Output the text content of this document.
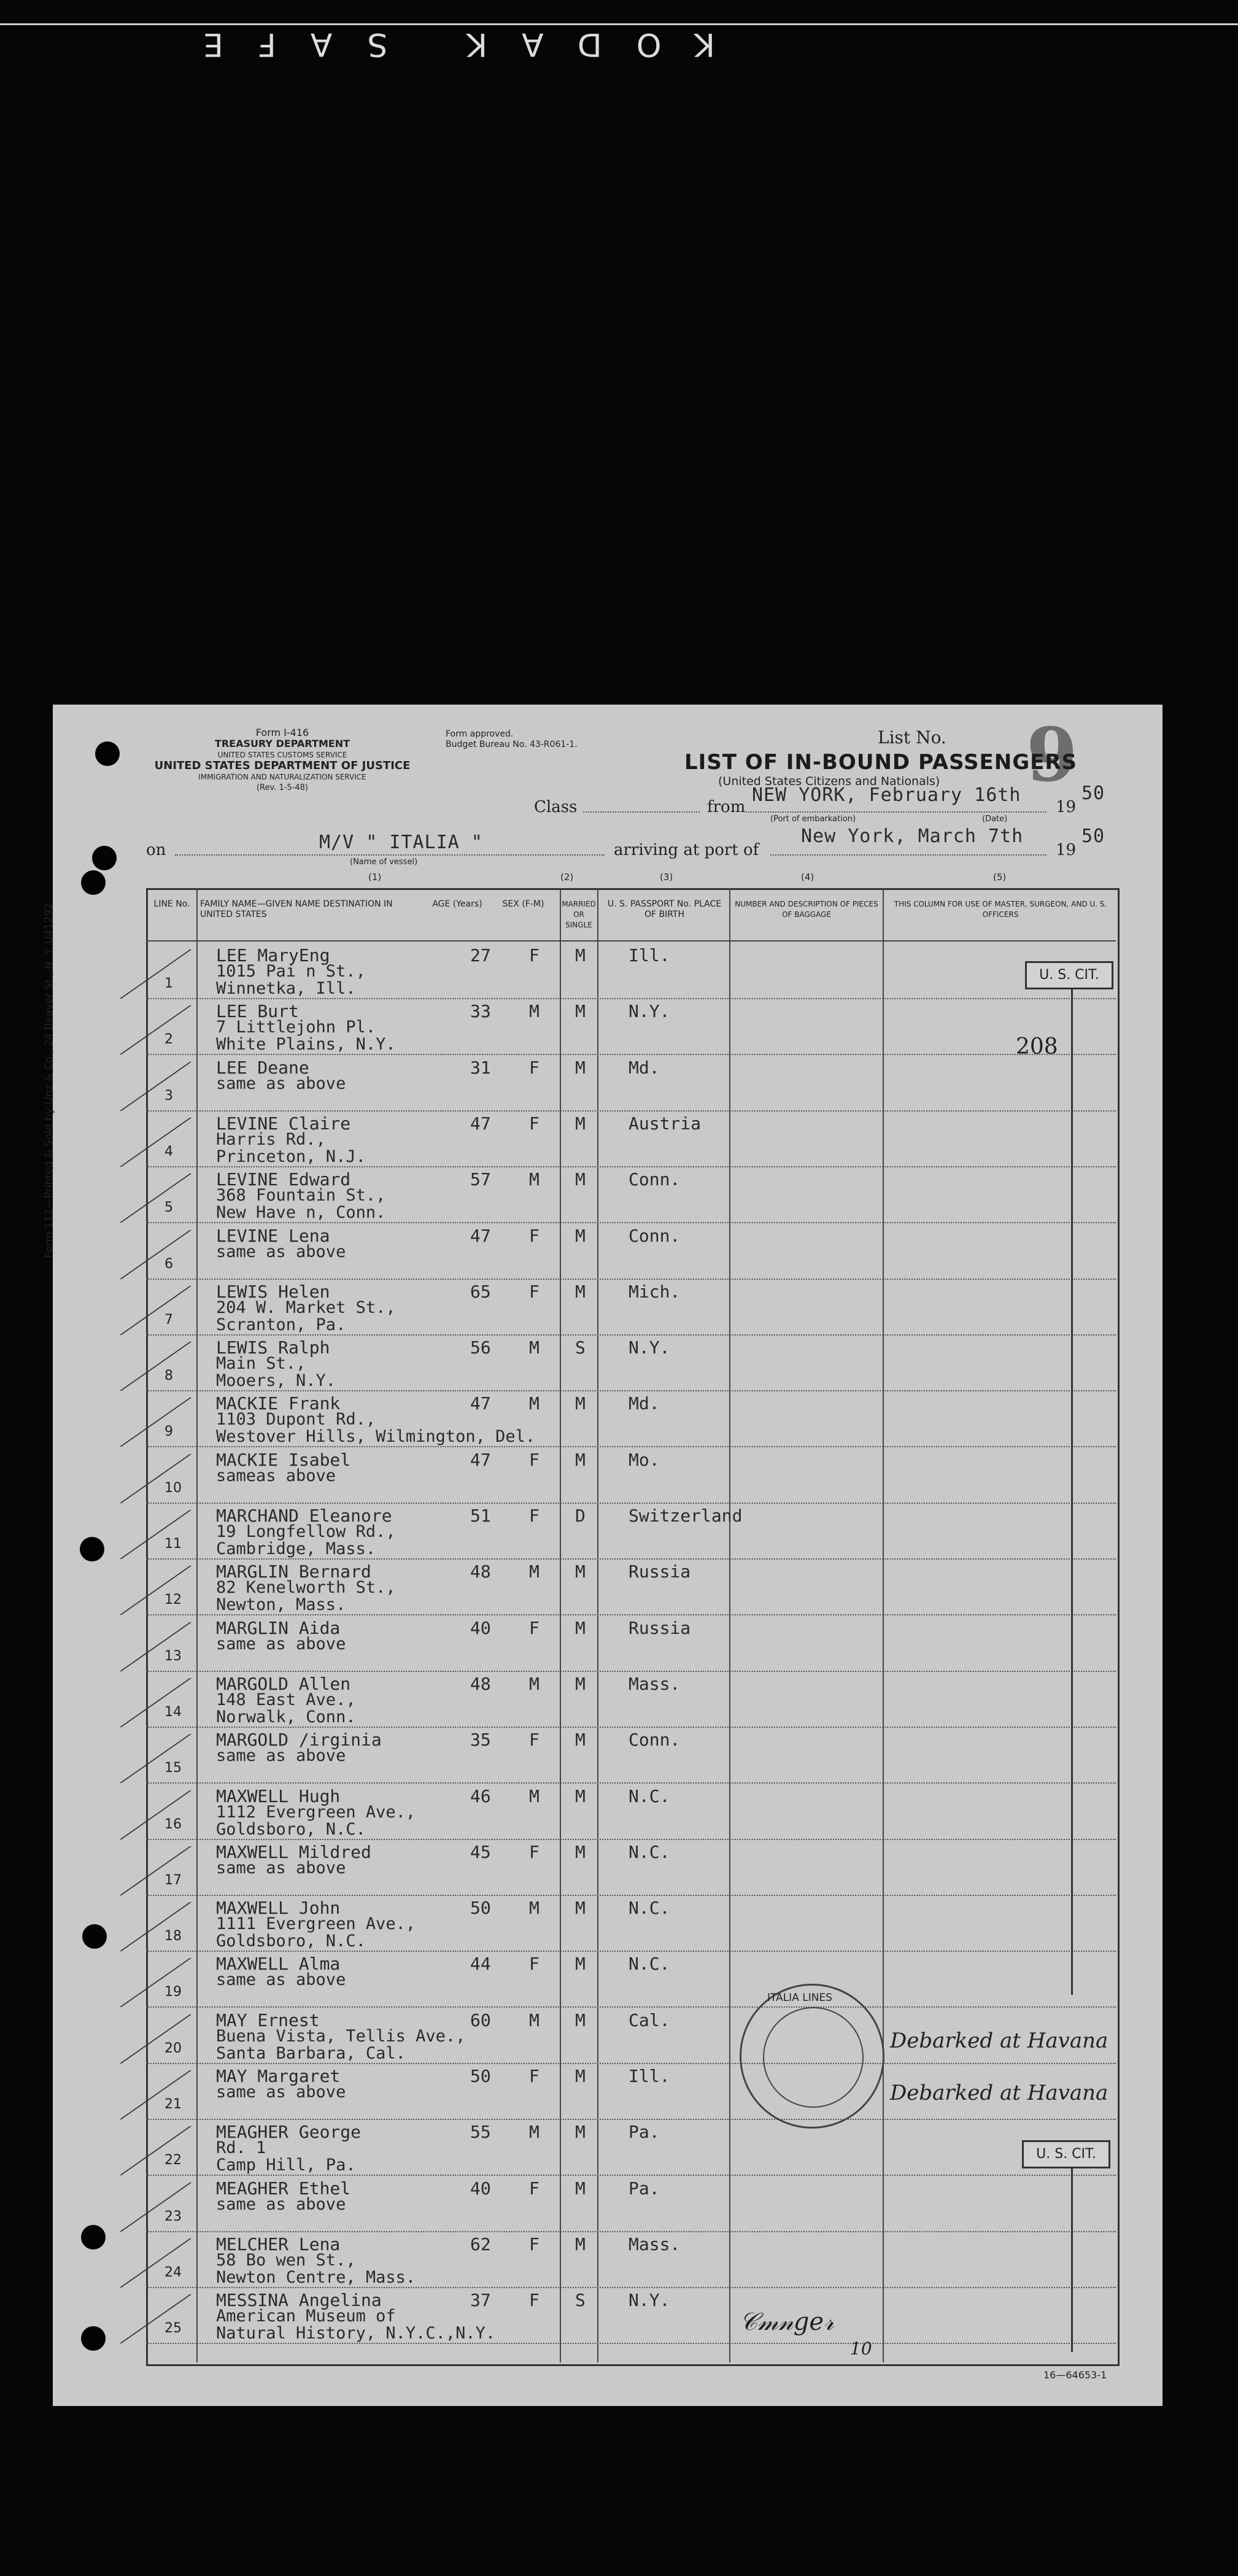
KODAK SAFE
Form 112—Printed & Sold by Unz & Co., 24 Beaver St., N. Y. U41292
Form I-416
TREASURY DEPARTMENT
UNITED STATES CUSTOMS SERVICE
UNITED STATES DEPARTMENT OF JUSTICE
IMMIGRATION AND NATURALIZATION SERVICE
(Rev. 1-5-48)
Form approved.
Budget Bureau No. 43-R061-1.	List No. 9
LIST OF IN-BOUND PASSENGERS
(United States Citizens and Nationals)
Class	from
NEW YORK, February 16th
(Port of embarkation)	(Date)
19
50
on	M/V " ITALIA "
(Name of vessel)
arriving at port of
New York, March 7th
19
50
(1)	(2)	(3)	(4)	(5)
LINE No.	FAMILY NAME—GIVEN NAME DESTINATION IN UNITED STATES
AGE (Years)	SEX (F-M) MARRIED OR SINGLE
U. S. PASSPORT No. PLACE OF BIRTH
NUMBER AND DESCRIPTION OF PIECES OF BAGGAGE
THIS COLUMN FOR USE OF MASTER, SURGEON, AND U. S. OFFICERS
1
LEE MaryEng
1015 Pai n St.,
Winnetka, Ill.
27 F M	Ill.
2
LEE Burt
7 Littlejohn Pl.
White Plains, N.Y.
33 M M	N.Y.
3
LEE Deane
same as above
31 F M	Md.
4
LEVINE Claire
Harris Rd.,
Princeton, N.J.
47 F M	Austria
5
LEVINE Edward
368 Fountain St.,
New Have n, Conn.
57 M M	Conn.
6
LEVINE Lena
same as above
47 F M	Conn.
7
LEWIS Helen
204 W. Market St.,
Scranton, Pa.
65 F M	Mich.
8
LEWIS Ralph
Main St.,
Mooers, N.Y.
56 M S	N.Y.
9
MACKIE Frank
1103 Dupont Rd.,
Westover Hills, Wilmington, Del.
47 M M	Md.
10
MACKIE Isabel
sameas above
47 F M	Mo.
11
MARCHAND Eleanore
19 Longfellow Rd.,
Cambridge, Mass.
51 F D	Switzerland
12
MARGLIN Bernard
82 Kenelworth St.,
Newton, Mass.
48 M M	Russia
13
MARGLIN Aida
same as above
40 F M	Russia
14
MARGOLD Allen
148 East Ave.,
Norwalk, Conn.
48 M M	Mass.
15
MARGOLD /irginia
same as above
35 F M	Conn.
16
MAXWELL Hugh
1112 Evergreen Ave.,
Goldsboro, N.C.
46 M M	N.C.
17
MAXWELL Mildred
same as above
45 F M	N.C.
18
MAXWELL John
1111 Evergreen Ave.,
Goldsboro, N.C.
50 M M	N.C.
19
MAXWELL Alma
same as above
44 F M	N.C.
20
MAY Ernest
Buena Vista, Tellis Ave.,
Santa Barbara, Cal.
60 M M	Cal.
21
MAY Margaret
same as above
50 F M	Ill.
22
MEAGHER George
Rd. 1
Camp Hill, Pa.
55 M M	Pa.
23
MEAGHER Ethel
same as above
40 F M	Pa.
24
MELCHER Lena
58 Bo wen St.,
Newton Centre, Mass.
62 F M	Mass.
25
MESSINA Angelina
American Museum of
Natural History, N.Y.C.,N.Y.
37 F S	N.Y.
U. S. CIT.
208
Debarked at Havana
Debarked at Havana
U. S. CIT.
ITALIA LINES
𝒞𝓂𝓃𝑔𝑒𝓇
10
16—64653-1
